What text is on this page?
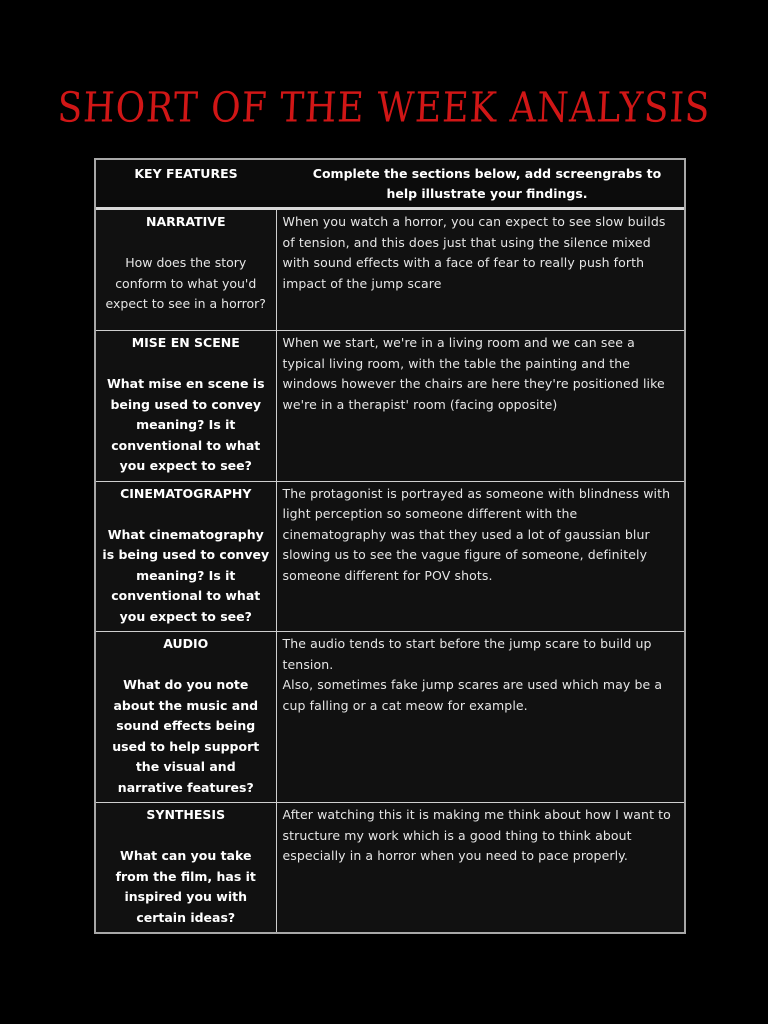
SHORT OF THE WEEK ANALYSIS
KEY FEATURES	Complete the sections below, add screengrabs to help illustrate your findings.

NARRATIVE
How does the story conform to what you'd expect to see in a horror?	When you watch a horror, you can expect to see slow builds of tension, and this does just that using the silence mixed with sound effects with a face of fear to really push forth impact of the jump scare

MISE EN SCENE
What mise en scene is being used to convey meaning? Is it conventional to what you expect to see?	When we start, we're in a living room and we can see a typical living room, with the table the painting and the windows however the chairs are here they're positioned like we're in a therapist' room (facing opposite)

CINEMATOGRAPHY
What cinematography is being used to convey meaning? Is it conventional to what you expect to see?	The protagonist is portrayed as someone with blindness with light perception so someone different with the cinematography was that they used a lot of gaussian blur slowing us to see the vague figure of someone, definitely someone different for POV shots.

AUDIO
What do you note about the music and sound effects being used to help support the visual and narrative features?	The audio tends to start before the jump scare to build up tension.
Also, sometimes fake jump scares are used which may be a cup falling or a cat meow for example.

SYNTHESIS
What can you take from the film, has it inspired you with certain ideas?	After watching this it is making me think about how I want to structure my work which is a good thing to think about especially in a horror when you need to pace properly.
